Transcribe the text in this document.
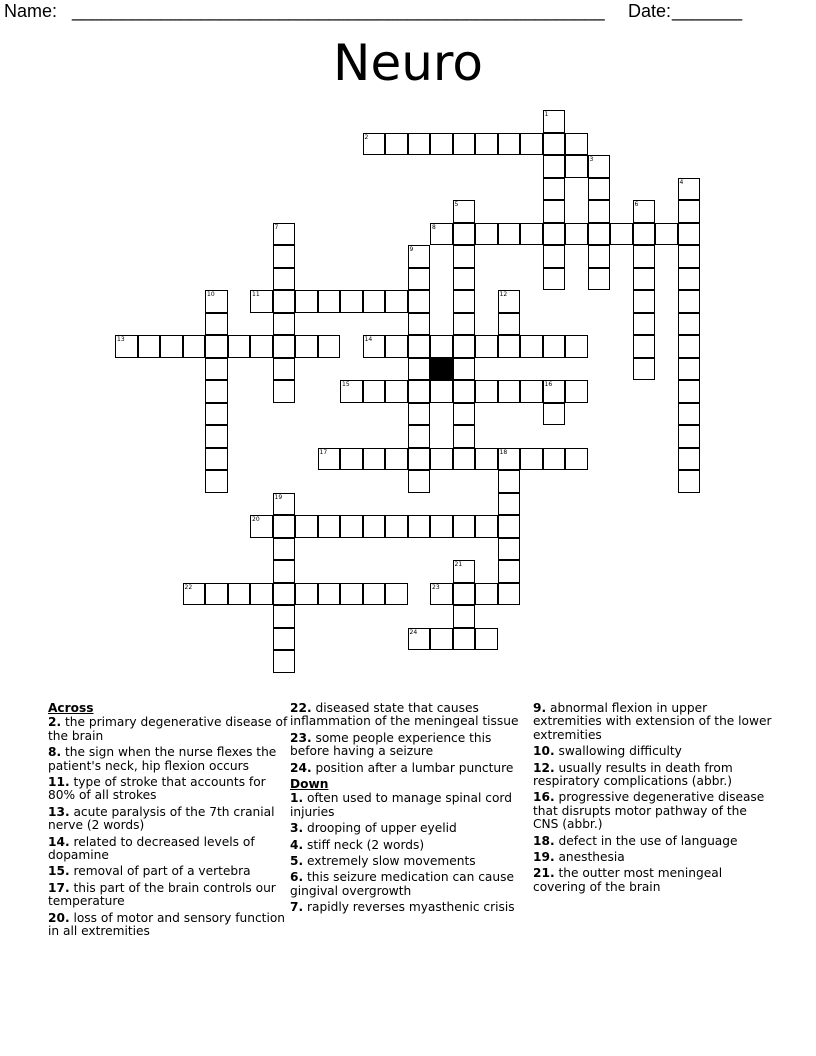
Name: ______________________________________________________ Date: _______
Neuro
1
2
3
4
5	6
7	8
9
10	11	12
13	14
15	16
17	18
19
20
21
22	23
24
Across
2. the primary degenerative disease of the brain
8. the sign when the nurse flexes the patient's neck, hip flexion occurs
11. type of stroke that accounts for 80% of all strokes
13. acute paralysis of the 7th cranial nerve (2 words)
14. related to decreased levels of dopamine
15. removal of part of a vertebra
17. this part of the brain controls our temperature
20. loss of motor and sensory function in all extremities
22. diseased state that causes inflammation of the meningeal tissue
23. some people experience this before having a seizure
24. position after a lumbar puncture
Down
1. often used to manage spinal cord injuries
3. drooping of upper eyelid
4. stiff neck (2 words)
5. extremely slow movements
6. this seizure medication can cause gingival overgrowth
7. rapidly reverses myasthenic crisis
9. abnormal flexion in upper extremities with extension of the lower extremities
10. swallowing difficulty
12. usually results in death from respiratory complications (abbr.)
16. progressive degenerative disease that disrupts motor pathway of the CNS (abbr.)
18. defect in the use of language
19. anesthesia
21. the outter most meningeal covering of the brain
